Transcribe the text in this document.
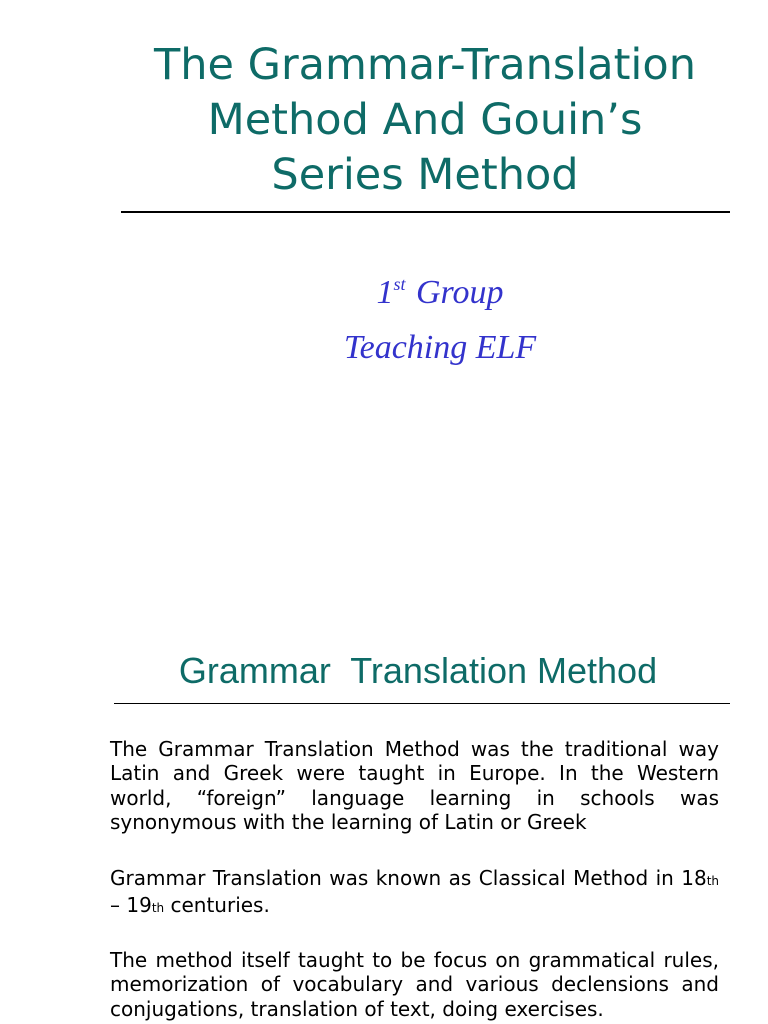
The Grammar-Translation
Method And Gouin’s
Series Method

1st Group

Teaching ELF

Grammar  Translation Method

The Grammar Translation Method was the traditional way Latin and Greek were taught in Europe. In the Western world, “foreign” language learning in schools was synonymous with the learning of Latin or Greek

Grammar Translation was known as Classical Method in 18th – 19th centuries.

The method itself taught to be focus on grammatical rules, memorization of vocabulary and various declensions and conjugations, translation of text, doing exercises.
